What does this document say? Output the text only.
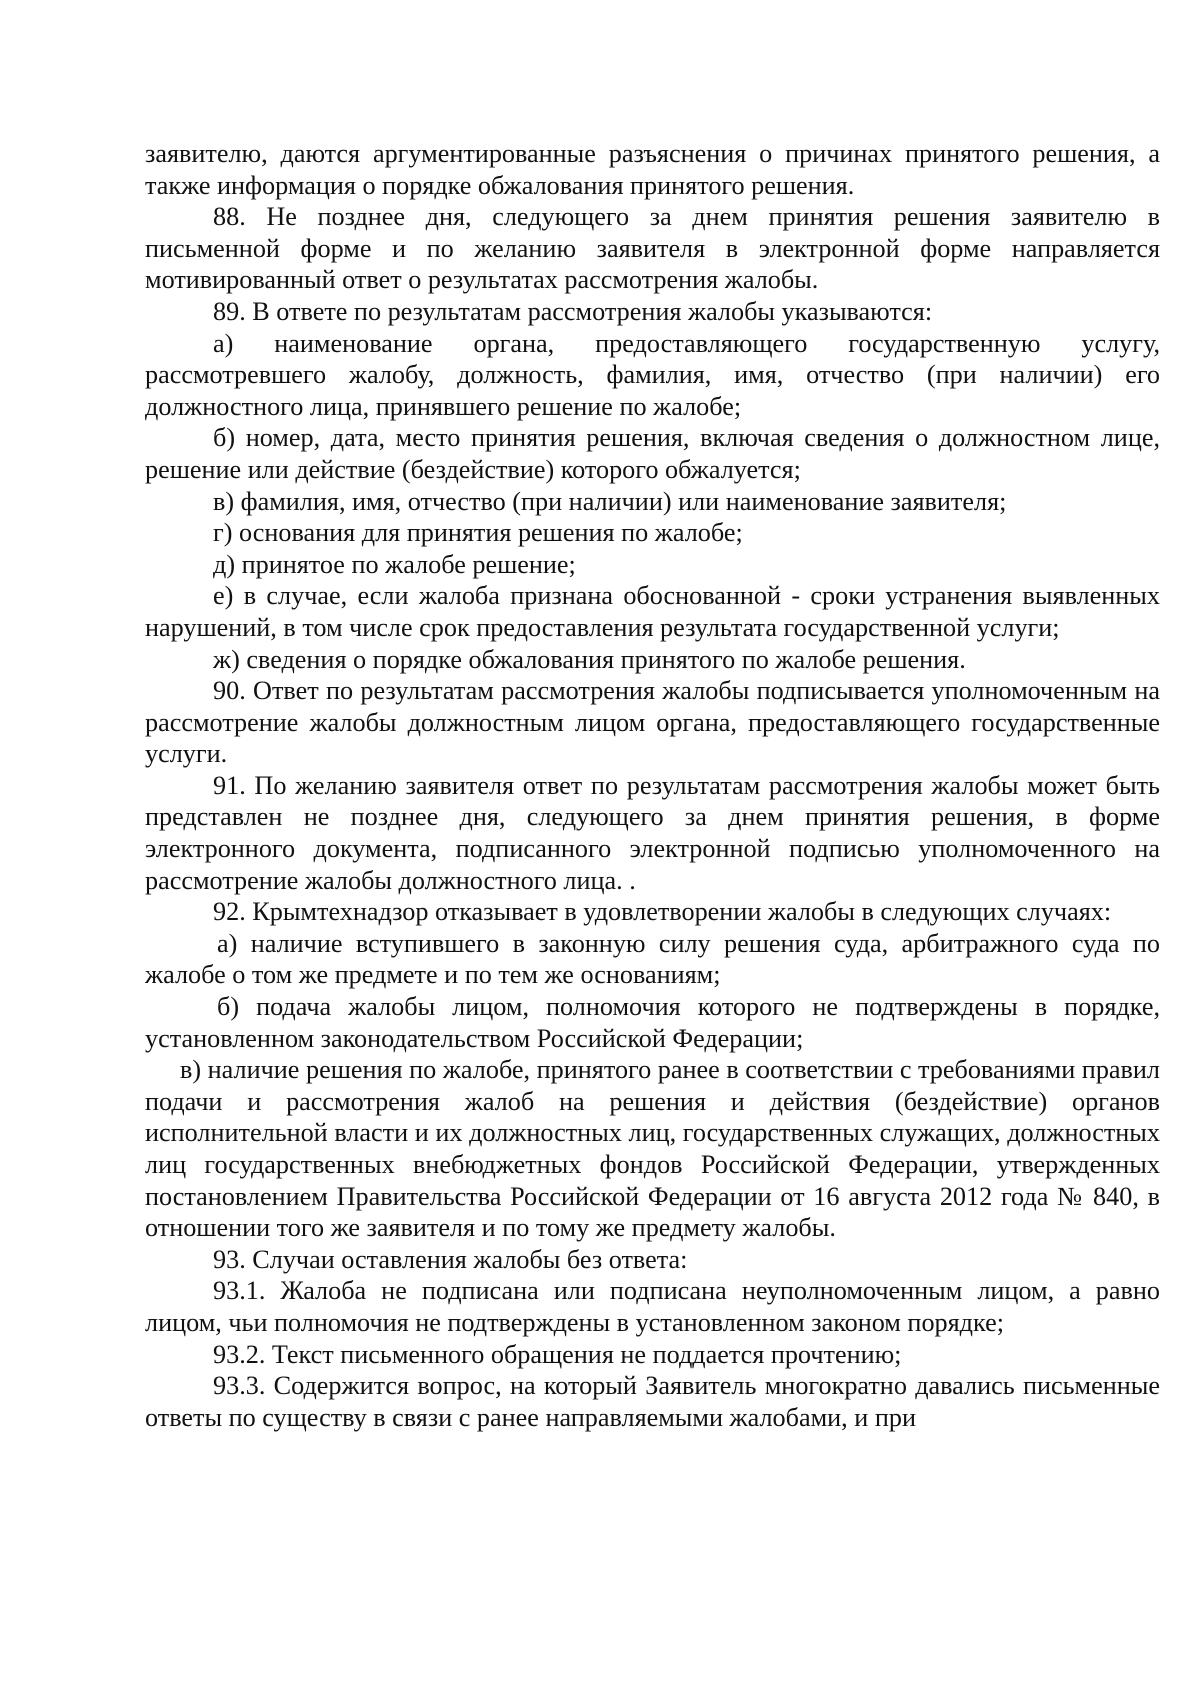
заявителю, даются аргументированные разъяснения о причинах принятого решения, а также информация о порядке обжалования принятого решения.

88. Не позднее дня, следующего за днем принятия решения заявителю в письменной форме и по желанию заявителя в электронной форме направляется мотивированный ответ о результатах рассмотрения жалобы.

89. В ответе по результатам рассмотрения жалобы указываются:

а) наименование органа, предоставляющего государственную услугу, рассмотревшего жалобу, должность, фамилия, имя, отчество (при наличии) его должностного лица, принявшего решение по жалобе;

б) номер, дата, место принятия решения, включая сведения о должностном лице, решение или действие (бездействие) которого обжалуется;

в) фамилия, имя, отчество (при наличии) или наименование заявителя;

г) основания для принятия решения по жалобе;

д) принятое по жалобе решение;

е) в случае, если жалоба признана обоснованной - сроки устранения выявленных нарушений, в том числе срок предоставления результата государственной услуги;

ж) сведения о порядке обжалования принятого по жалобе решения.

90. Ответ по результатам рассмотрения жалобы подписывается уполномоченным на рассмотрение жалобы должностным лицом органа, предоставляющего государственные услуги.

91. По желанию заявителя ответ по результатам рассмотрения жалобы может быть представлен не позднее дня, следующего за днем принятия решения, в форме электронного документа, подписанного электронной подписью уполномоченного на рассмотрение жалобы должностного лица. .

92. Крымтехнадзор отказывает в удовлетворении жалобы в следующих случаях:

а) наличие вступившего в законную силу решения суда, арбитражного суда по жалобе о том же предмете и по тем же основаниям;

б) подача жалобы лицом, полномочия которого не подтверждены в порядке, установленном законодательством Российской Федерации;

в) наличие решения по жалобе, принятого ранее в соответствии с требованиями правил подачи и рассмотрения жалоб на решения и действия (бездействие) органов исполнительной власти и их должностных лиц, государственных служащих, должностных лиц государственных внебюджетных фондов Российской Федерации, утвержденных постановлением Правительства Российской Федерации от 16 августа 2012 года № 840, в отношении того же заявителя и по тому же предмету жалобы.

93. Случаи оставления жалобы без ответа:

93.1. Жалоба не подписана или подписана неуполномоченным лицом, а равно лицом, чьи полномочия не подтверждены в установленном законом порядке;

93.2. Текст письменного обращения не поддается прочтению;

93.3. Содержится вопрос, на который Заявитель многократно давались письменные ответы по существу в связи с ранее направляемыми жалобами, и при
